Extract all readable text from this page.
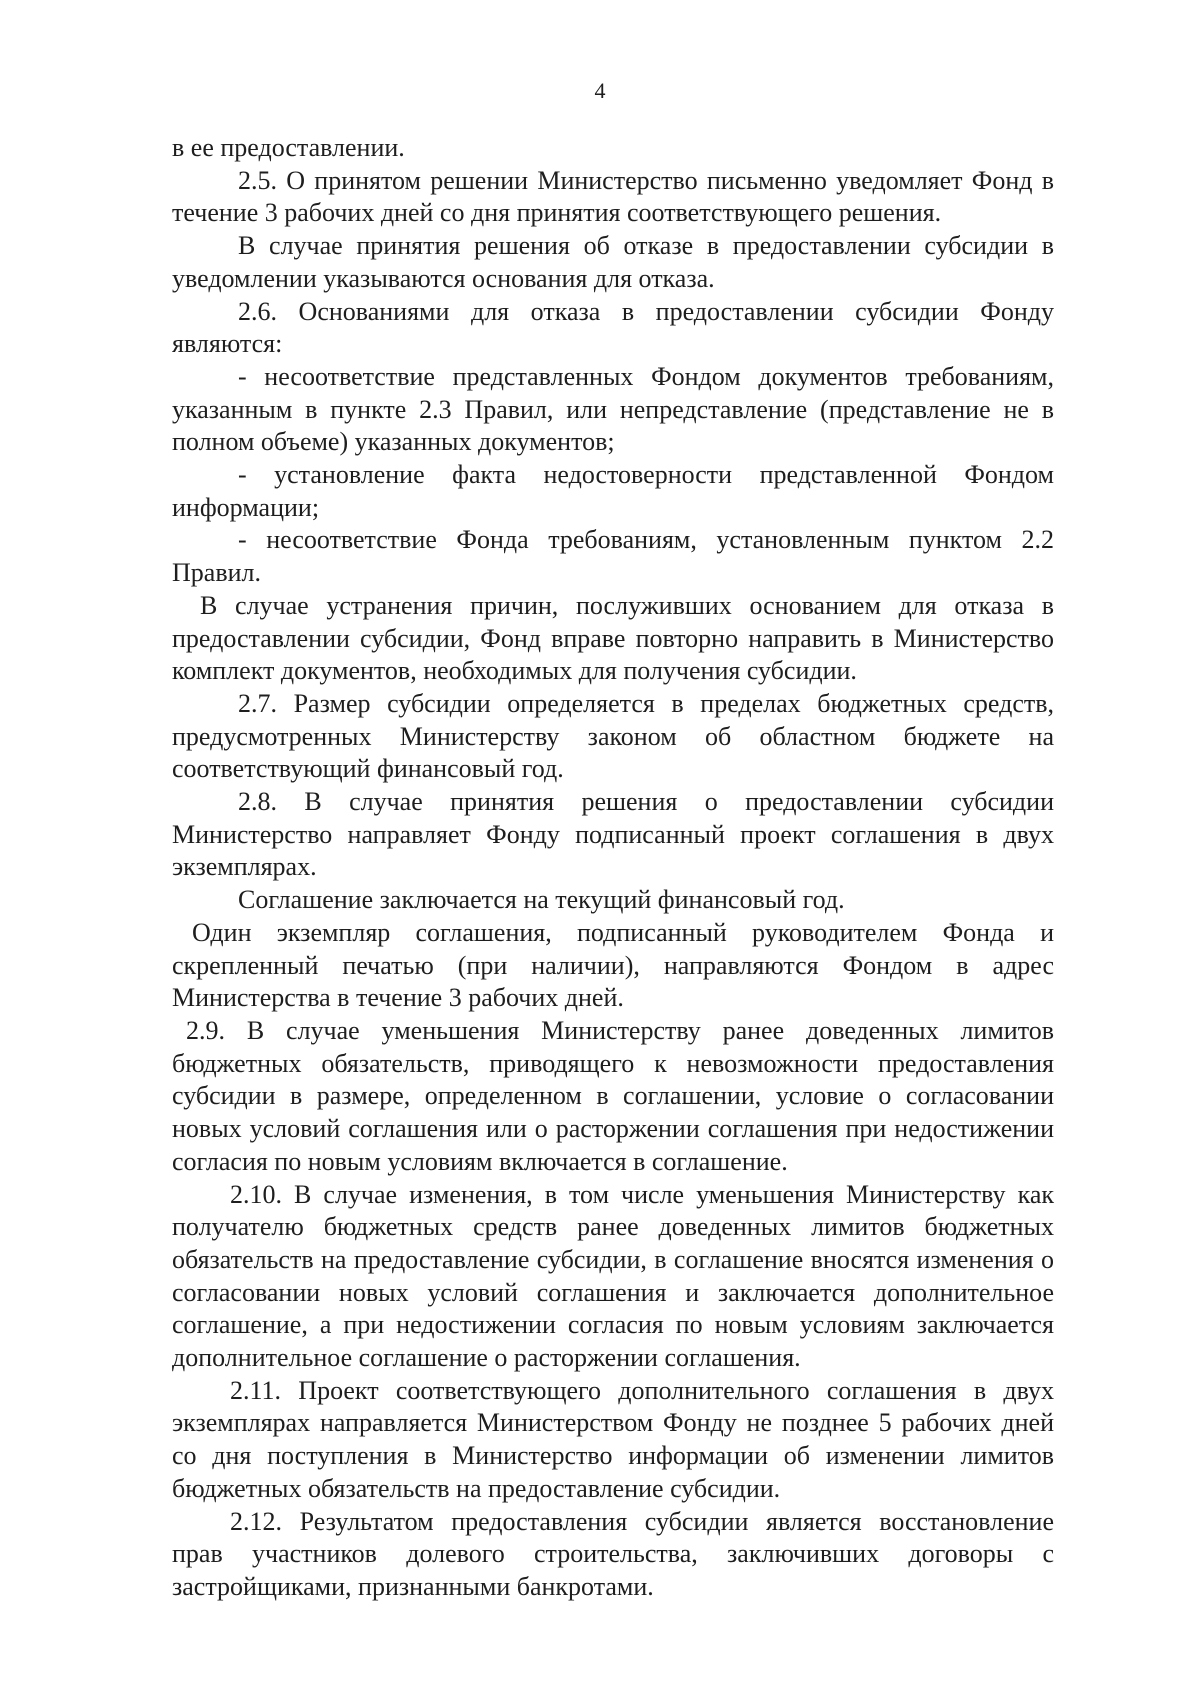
4

в ее предоставлении.

2.5. О принятом решении Министерство письменно уведомляет Фонд в течение 3 рабочих дней со дня принятия соответствующего решения.

В случае принятия решения об отказе в предоставлении субсидии в уведомлении указываются основания для отказа.

2.6. Основаниями для отказа в предоставлении субсидии Фонду являются:

- несоответствие представленных Фондом документов требованиям, указанным в пункте 2.3 Правил, или непредставление (представление не в полном объеме) указанных документов;

- установление факта недостоверности представленной Фондом информации;

- несоответствие Фонда требованиям, установленным пунктом 2.2 Правил.

В случае устранения причин, послуживших основанием для отказа в предоставлении субсидии, Фонд вправе повторно направить в Министерство комплект документов, необходимых для получения субсидии.

2.7. Размер субсидии определяется в пределах бюджетных средств, предусмотренных Министерству законом об областном бюджете на соответствующий финансовый год.

2.8. В случае принятия решения о предоставлении субсидии Министерство направляет Фонду подписанный проект соглашения в двух экземплярах.

Соглашение заключается на текущий финансовый год.

Один экземпляр соглашения, подписанный руководителем Фонда и скрепленный печатью (при наличии), направляются Фондом в адрес Министерства в течение 3 рабочих дней.

2.9. В случае уменьшения Министерству ранее доведенных лимитов бюджетных обязательств, приводящего к невозможности предоставления субсидии в размере, определенном в соглашении, условие о согласовании новых условий соглашения или о расторжении соглашения при недостижении согласия по новым условиям включается в соглашение.

2.10. В случае изменения, в том числе уменьшения Министерству как получателю бюджетных средств ранее доведенных лимитов бюджетных обязательств на предоставление субсидии, в соглашение вносятся изменения о согласовании новых условий соглашения и заключается дополнительное соглашение, а при недостижении согласия по новым условиям заключается дополнительное соглашение о расторжении соглашения.

2.11. Проект соответствующего дополнительного соглашения в двух экземплярах направляется Министерством Фонду не позднее 5 рабочих дней со дня поступления в Министерство информации об изменении лимитов бюджетных обязательств на предоставление субсидии.

2.12. Результатом предоставления субсидии является восстановление прав участников долевого строительства, заключивших договоры с застройщиками, признанными банкротами.
